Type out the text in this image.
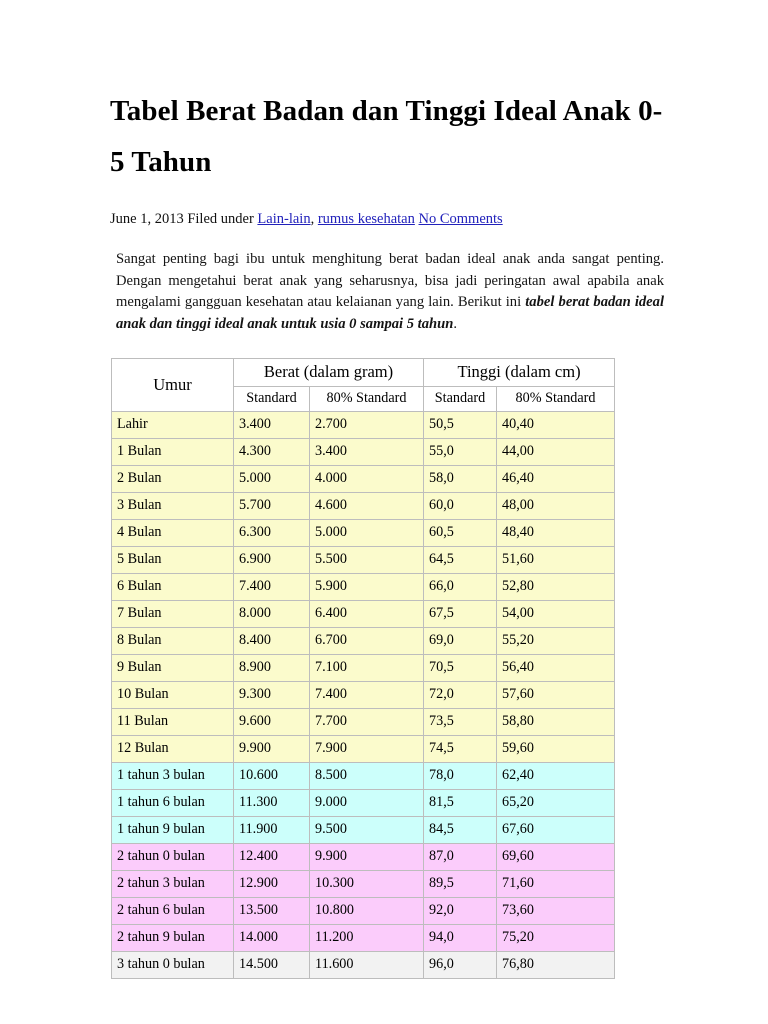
Tabel Berat Badan dan Tinggi Ideal Anak 0-5 Tahun
June 1, 2013 Filed under Lain-lain, rumus kesehatan No Comments

Sangat penting bagi ibu untuk menghitung berat badan ideal anak anda sangat penting. Dengan mengetahui berat anak yang seharusnya, bisa jadi peringatan awal apabila anak mengalami gangguan kesehatan atau kelaianan yang lain. Berikut ini tabel berat badan ideal anak dan tinggi ideal anak untuk usia 0 sampai 5 tahun.

Umur	Berat (dalam gram)		Tinggi (dalam cm)	
	Standard	80% Standard	Standard	80% Standard
Lahir	3.400	2.700	50,5	40,40
1 Bulan	4.300	3.400	55,0	44,00
2 Bulan	5.000	4.000	58,0	46,40
3 Bulan	5.700	4.600	60,0	48,00
4 Bulan	6.300	5.000	60,5	48,40
5 Bulan	6.900	5.500	64,5	51,60
6 Bulan	7.400	5.900	66,0	52,80
7 Bulan	8.000	6.400	67,5	54,00
8 Bulan	8.400	6.700	69,0	55,20
9 Bulan	8.900	7.100	70,5	56,40
10 Bulan	9.300	7.400	72,0	57,60
11 Bulan	9.600	7.700	73,5	58,80
12 Bulan	9.900	7.900	74,5	59,60
1 tahun 3 bulan	10.600	8.500	78,0	62,40
1 tahun 6 bulan	11.300	9.000	81,5	65,20
1 tahun 9 bulan	11.900	9.500	84,5	67,60
2 tahun 0 bulan	12.400	9.900	87,0	69,60
2 tahun 3 bulan	12.900	10.300	89,5	71,60
2 tahun 6 bulan	13.500	10.800	92,0	73,60
2 tahun 9 bulan	14.000	11.200	94,0	75,20
3 tahun 0 bulan	14.500	11.600	96,0	76,80
